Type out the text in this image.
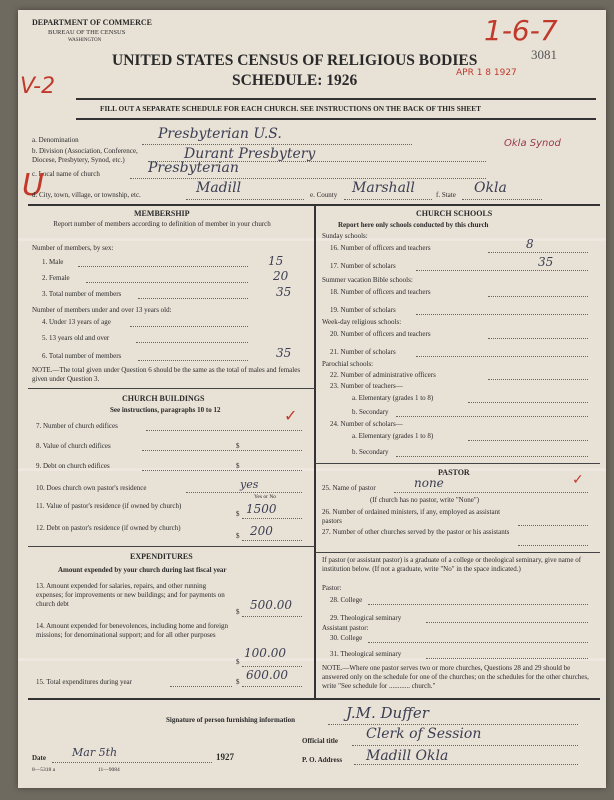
DEPARTMENT OF COMMERCE
BUREAU OF THE CENSUS
WASHINGTON	1-6-7
3081
UNITED STATES CENSUS OF RELIGIOUS BODIES
APR 1 8 1927
V-2	SCHEDULE: 1926
FILL OUT A SEPARATE SCHEDULE FOR EACH CHURCH. SEE INSTRUCTIONS ON THE BACK OF THIS SHEET
a. Denomination	Presbyterian U.S.
b. Division (Association, Conference, Diocese, Presbytery, Synod, etc.)	Durant Presbytery
Okla Synod
c. Local name of church	Presbyterian
U
d. City, town, village, or township, etc.	Madill	e. County Marshall	f. State Okla
MEMBERSHIP
Report number of members according to definition of member in your church
Number of members, by sex:
1. Male	15
2. Female	20
3. Total number of members	35
Number of members under and over 13 years old:
4. Under 13 years of age
5. 13 years old and over
6. Total number of members	35
NOTE.—The total given under Question 6 should be the same as the total of males and females given under Question 3.
CHURCH BUILDINGS
See instructions, paragraphs 10 to 12
7. Number of church edifices
✓
8. Value of church edifices	$
9. Debt on church edifices	$
10. Does church own pastor's residence	yes
Yes or No
11. Value of pastor's residence (if owned by church)
$ 1500
12. Debt on pastor's residence (if owned by church)
$ 200
EXPENDITURES
Amount expended by your church during last fiscal year
13. Amount expended for salaries, repairs, and other running expenses; for improvements or new buildings; and for payments on church debt
$ 500.00
14. Amount expended for benevolences, including home and foreign missions; for denominational support; and for all other purposes
$
100.00
15. Total expenditures during year	$ 600.00
CHURCH SCHOOLS
Report here only schools conducted by this church
Sunday schools:
16. Number of officers and teachers	8
17. Number of scholars	35
Summer vacation Bible schools:
18. Number of officers and teachers
19. Number of scholars
Week-day religious schools:
20. Number of officers and teachers
21. Number of scholars
Parochial schools:
22. Number of administrative officers
23. Number of teachers—
a. Elementary (grades 1 to 8)
b. Secondary
24. Number of scholars—
a. Elementary (grades 1 to 8)
b. Secondary
PASTOR
25. Name of pastor	none	✓
(If church has no pastor, write "None")
26. Number of ordained ministers, if any, employed as assistant pastors
27. Number of other churches served by the pastor or his assistants
If pastor (or assistant pastor) is a graduate of a college or theological seminary, give name of institution below. (If not a graduate, write "No" in the space indicated.)
Pastor:
28. College
29. Theological seminary
Assistant pastor:
30. College
31. Theological seminary
NOTE.—Where one pastor serves two or more churches, Questions 28 and 29 should be answered only on the schedule for one of the churches; on the schedules for the other churches, write "See schedule for ............ church."
Signature of person furnishing information	J.M. Duffer
Official title Clerk of Session
Date Mar 5th	1927	P. O. Address Madill Okla
8—5318 a	11—9084
